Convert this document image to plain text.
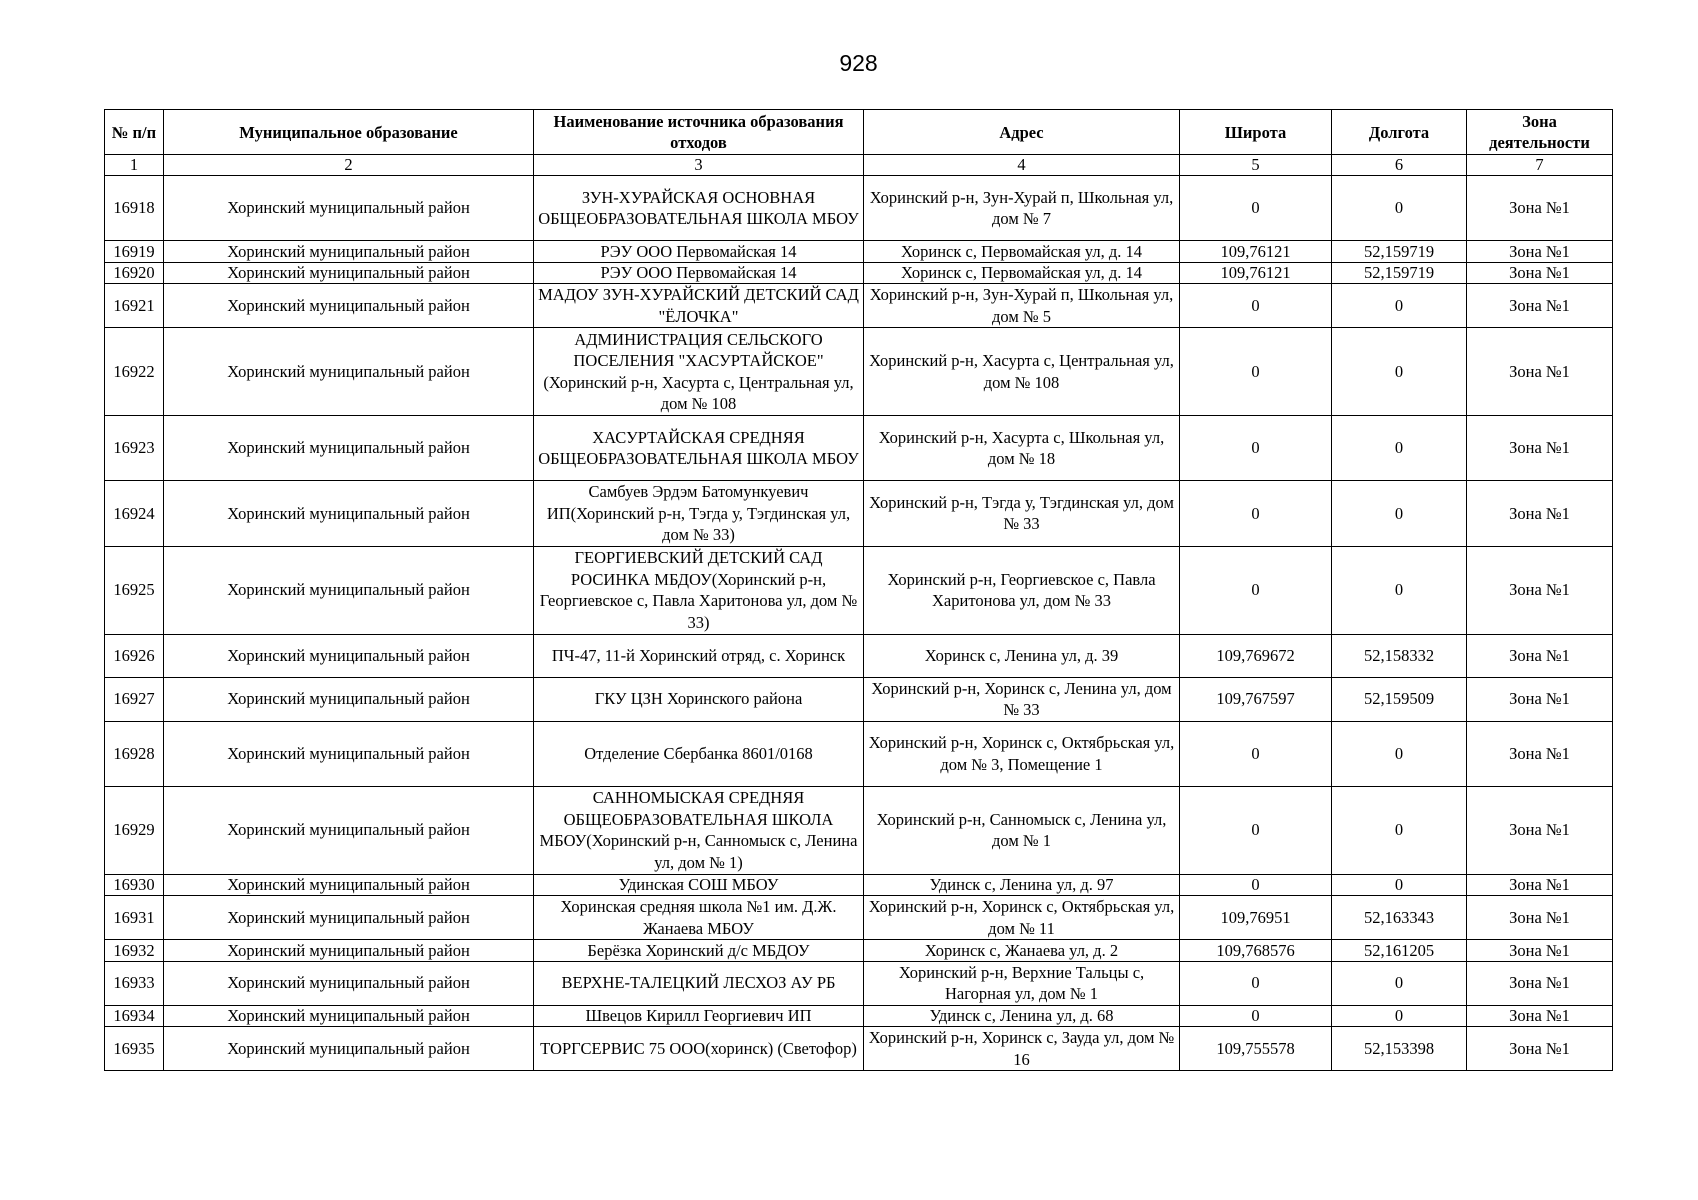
928
№ п/п	Муниципальное образование	Наименование источника образования отходов	Адрес	Широта	Долгота	Зона деятельности
1	2	3	4	5	6	7
16918	Хоринский муниципальный район	ЗУН-ХУРАЙСКАЯ ОСНОВНАЯ ОБЩЕОБРАЗОВАТЕЛЬНАЯ ШКОЛА МБОУ	Хоринский р-н, Зун-Хурай п, Школьная ул, дом № 7	0	0	Зона №1
16919	Хоринский муниципальный район	РЭУ ООО Первомайская 14	Хоринск с, Первомайская ул, д. 14	109,76121	52,159719	Зона №1
16920	Хоринский муниципальный район	РЭУ ООО Первомайская 14	Хоринск с, Первомайская ул, д. 14	109,76121	52,159719	Зона №1
16921	Хоринский муниципальный район	МАДОУ ЗУН-ХУРАЙСКИЙ ДЕТСКИЙ САД "ЁЛОЧКА"	Хоринский р-н, Зун-Хурай п, Школьная ул, дом № 5	0	0	Зона №1
16922	Хоринский муниципальный район	АДМИНИСТРАЦИЯ СЕЛЬСКОГО ПОСЕЛЕНИЯ "ХАСУРТАЙСКОЕ"(Хоринский р-н, Хасурта с, Центральная ул, дом № 108	Хоринский р-н, Хасурта с, Центральная ул, дом № 108	0	0	Зона №1
16923	Хоринский муниципальный район	ХАСУРТАЙСКАЯ СРЕДНЯЯ ОБЩЕОБРАЗОВАТЕЛЬНАЯ ШКОЛА МБОУ	Хоринский р-н, Хасурта с, Школьная ул, дом № 18	0	0	Зона №1
16924	Хоринский муниципальный район	Самбуев Эрдэм Батомункуевич ИП(Хоринский р-н, Тэгда у, Тэгдинская ул, дом № 33)	Хоринский р-н, Тэгда у, Тэгдинская ул, дом № 33	0	0	Зона №1
16925	Хоринский муниципальный район	ГЕОРГИЕВСКИЙ ДЕТСКИЙ САД РОСИНКА МБДОУ(Хоринский р-н, Георгиевское с, Павла Харитонова ул, дом № 33)	Хоринский р-н, Георгиевское с, Павла Харитонова ул, дом № 33	0	0	Зона №1
16926	Хоринский муниципальный район	ПЧ-47, 11-й Хоринский отряд, с. Хоринск	Хоринск с, Ленина ул, д. 39	109,769672	52,158332	Зона №1
16927	Хоринский муниципальный район	ГКУ ЦЗН Хоринского района	Хоринский р-н, Хоринск с, Ленина ул, дом № 33	109,767597	52,159509	Зона №1
16928	Хоринский муниципальный район	Отделение Сбербанка 8601/0168	Хоринский р-н, Хоринск с, Октябрьская ул, дом № 3, Помещение 1	0	0	Зона №1
16929	Хоринский муниципальный район	САННОМЫСКАЯ СРЕДНЯЯ ОБЩЕОБРАЗОВАТЕЛЬНАЯ ШКОЛА МБОУ(Хоринский р-н, Санномыск с, Ленина ул, дом № 1)	Хоринский р-н, Санномыск с, Ленина ул, дом № 1	0	0	Зона №1
16930	Хоринский муниципальный район	Удинская СОШ МБОУ	Удинск с, Ленина ул, д. 97	0	0	Зона №1
16931	Хоринский муниципальный район	Хоринская средняя школа №1 им. Д.Ж. Жанаева МБОУ	Хоринский р-н, Хоринск с, Октябрьская ул, дом № 11	109,76951	52,163343	Зона №1
16932	Хоринский муниципальный район	Берёзка Хоринский д/с МБДОУ	Хоринск с, Жанаева ул, д. 2	109,768576	52,161205	Зона №1
16933	Хоринский муниципальный район	ВЕРХНЕ-ТАЛЕЦКИЙ ЛЕСХОЗ АУ РБ	Хоринский р-н, Верхние Тальцы с, Нагорная ул, дом № 1	0	0	Зона №1
16934	Хоринский муниципальный район	Швецов Кирилл Георгиевич ИП	Удинск с, Ленина ул, д. 68	0	0	Зона №1
16935	Хоринский муниципальный район	ТОРГСЕРВИС 75 ООО(хоринск) (Светофор)	Хоринский р-н, Хоринск с, Зауда ул, дом № 16	109,755578	52,153398	Зона №1
